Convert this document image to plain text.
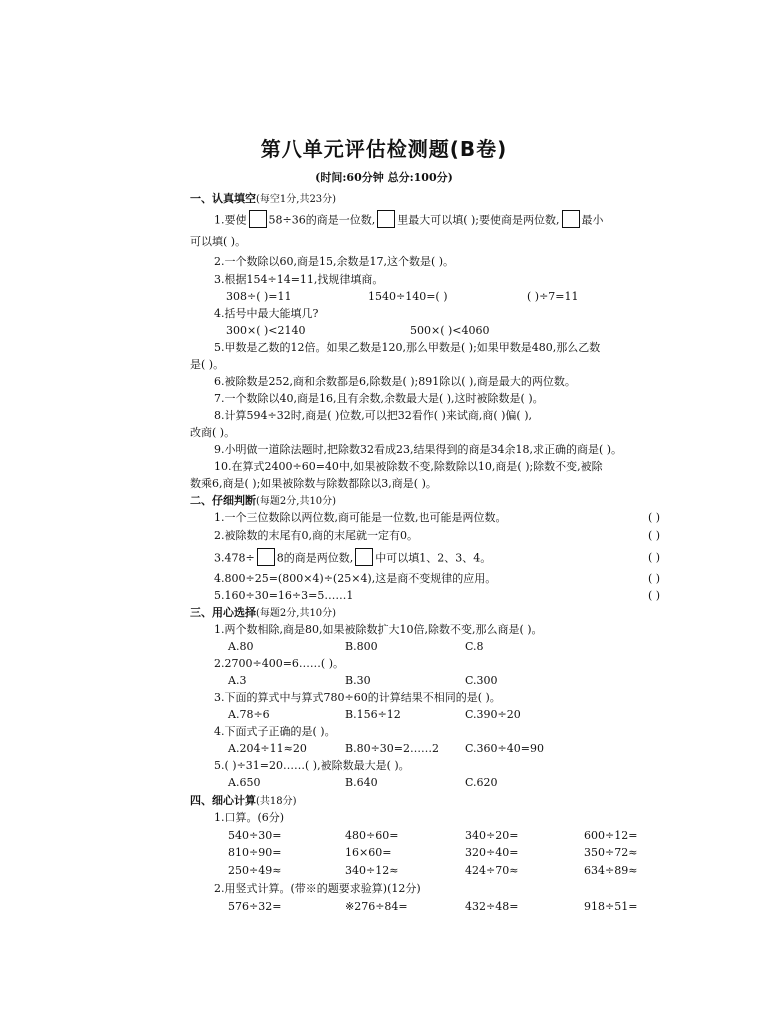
第八单元评估检测题(B卷)
(时间:60分钟 总分:100分)
一、认真填空(每空1分,共23分)
1.要使 58÷36的商是一位数, 里最大可以填( );要使商是两位数, 最小
可以填( )。
2.一个数除以60,商是15,余数是17,这个数是( )。
3.根据154÷14=11,找规律填商。
308÷( )=11	1540÷140=( )	( )÷7=11
4.括号中最大能填几?
300×( )<2140	500×( )<4060
5.甲数是乙数的12倍。如果乙数是120,那么甲数是( );如果甲数是480,那么乙数
是( )。
6.被除数是252,商和余数都是6,除数是( );891除以( ),商是最大的两位数。
7.一个数除以40,商是16,且有余数,余数最大是( ),这时被除数是( )。
8.计算594÷32时,商是( )位数,可以把32看作( )来试商,商( )偏( ),
改商( )。
9.小明做一道除法题时,把除数32看成23,结果得到的商是34余18,求正确的商是( )。
10.在算式2400÷60=40中,如果被除数不变,除数除以10,商是( );除数不变,被除
数乘6,商是( );如果被除数与除数都除以3,商是( )。
二、仔细判断(每题2分,共10分)
1.一个三位数除以两位数,商可能是一位数,也可能是两位数。	( )
2.被除数的末尾有0,商的末尾就一定有0。	( )
3.478÷ 8的商是两位数, 中可以填1、2、3、4。	( )
4.800÷25=(800×4)÷(25×4),这是商不变规律的应用。	( )
5.160÷30=16÷3=5……1	( )
三、用心选择(每题2分,共10分)
1.两个数相除,商是80,如果被除数扩大10倍,除数不变,那么商是( )。
A.80	B.800	C.8
2.2700÷400=6……( )。
A.3	B.30	C.300
3.下面的算式中与算式780÷60的计算结果不相同的是( )。
A.78÷6	B.156÷12	C.390÷20
4.下面式子正确的是( )。
A.204÷11≈20	B.80÷30=2……2 C.360÷40=90
5.( )÷31=20……( ),被除数最大是( )。
A.650	B.640	C.620
四、细心计算(共18分)
1.口算。(6分)
540÷30=	480÷60=	340÷20=	600÷12=
810÷90=	16×60=	320÷40=	350÷72≈
250÷49≈	340÷12≈	424÷70≈	634÷89≈
2.用竖式计算。(带※的题要求验算)(12分)
576÷32=	※276÷84=	432÷48=	918÷51=
